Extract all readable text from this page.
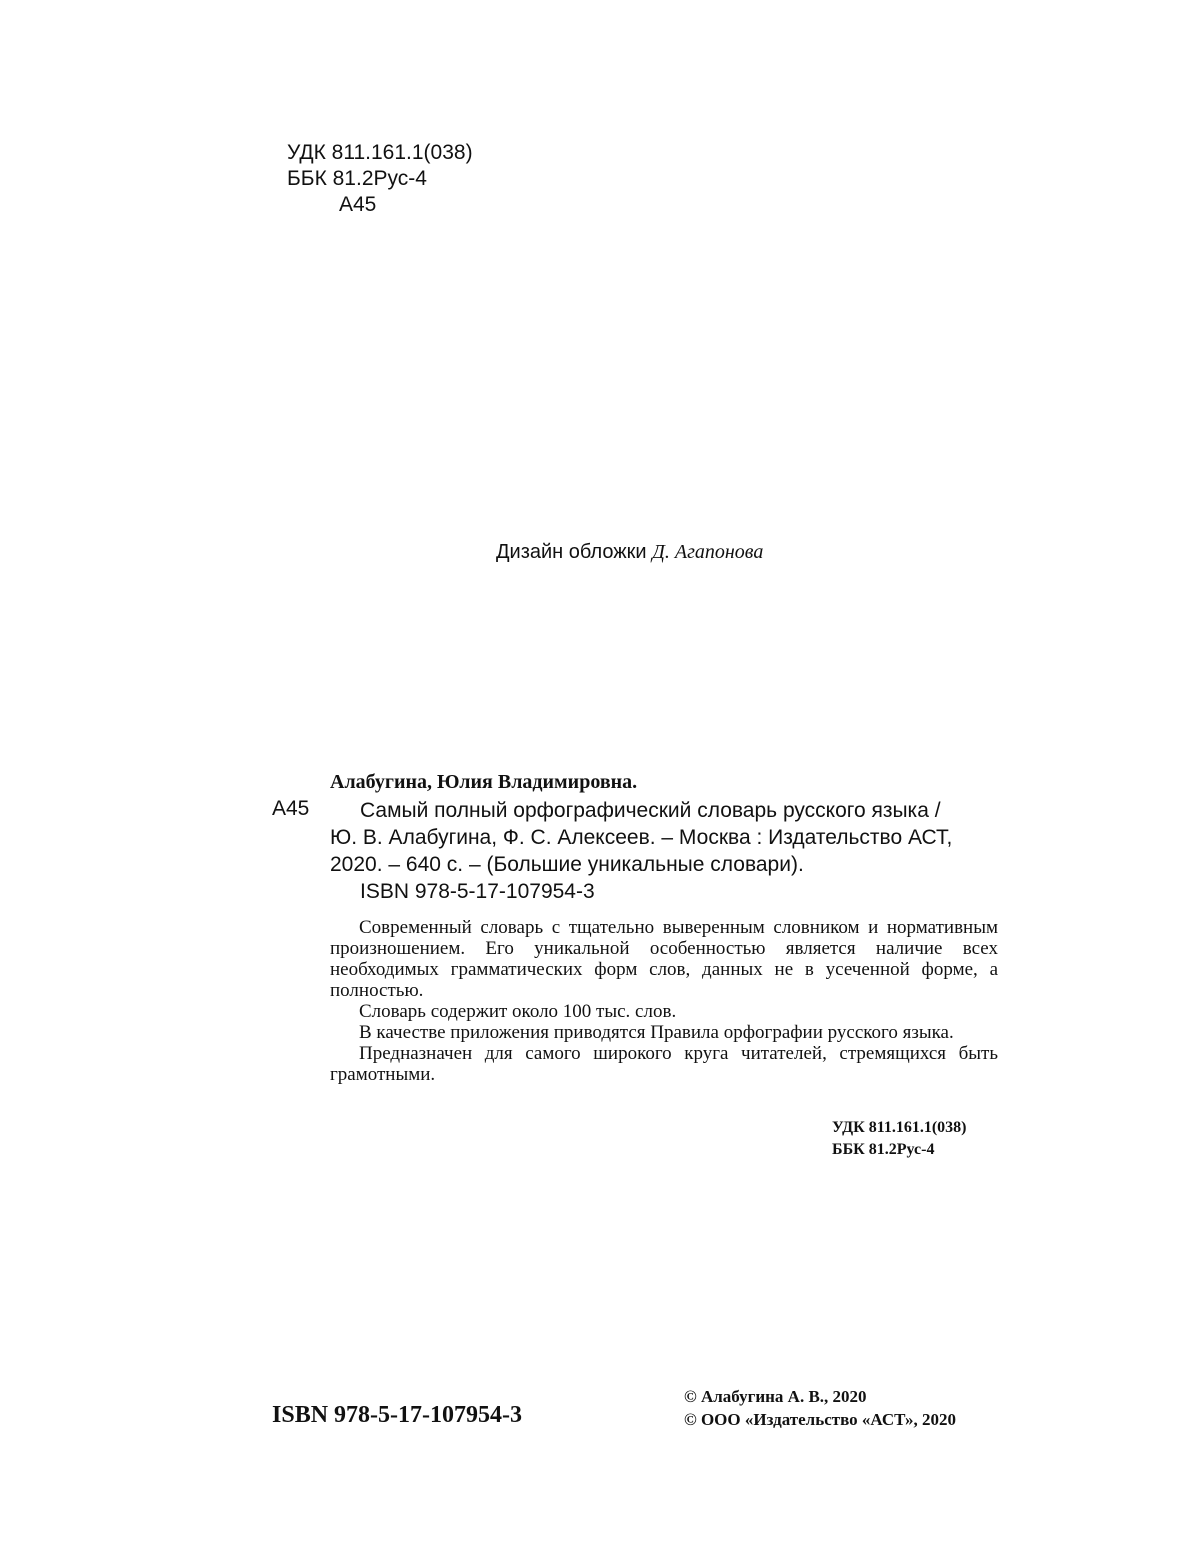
УДК 811.161.1(038)
ББК 81.2Рус-4
А45
Дизайн обложки Д. Агапонова
Алабугина, Юлия Владимировна.
А45	Самый полный орфографический словарь русского языка /

Ю. В. Алабугина, Ф. С. Алексеев. – Москва : Издательство АСТ,

2020. – 640 с. – (Большие уникальные словари).

ISBN 978-5-17-107954-3

Современный словарь с тщательно выверенным словником и нормативным произношением. Его уникальной особенностью является наличие всех необходимых грамматических форм слов, данных не в усеченной форме, а полностью.

Словарь содержит около 100 тыс. слов.

В качестве приложения приводятся Правила орфографии русского языка.

Предназначен для самого широкого круга читателей, стремящихся быть грамотными.

УДК 811.161.1(038)
ББК 81.2Рус-4
ISBN 978-5-17-107954-3
© Алабугина А. В., 2020
© ООО «Издательство «АСТ», 2020
